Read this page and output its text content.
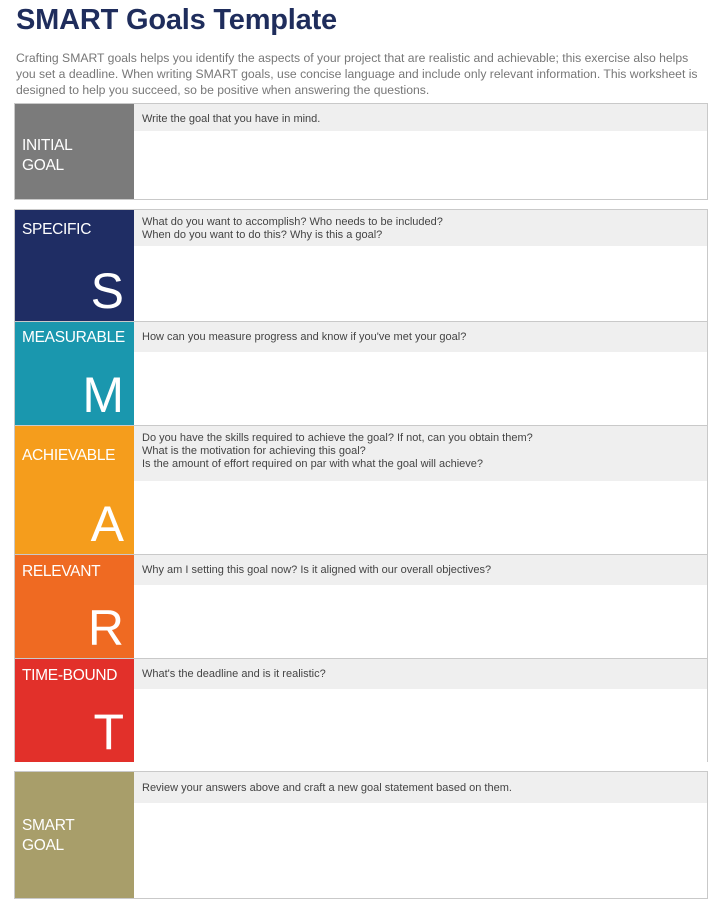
SMART Goals Template
Crafting SMART goals helps you identify the aspects of your project that are realistic and achievable; this exercise also helps you set a deadline. When writing SMART goals, use concise language and include only relevant information. This worksheet is designed to help you succeed, so be positive when answering the questions.
INITIAL
GOAL
Write the goal that you have in mind.
SPECIFIC
S
What do you want to accomplish? Who needs to be included?
When do you want to do this? Why is this a goal?
MEASURABLE
M
How can you measure progress and know if you've met your goal?
ACHIEVABLE
A
Do you have the skills required to achieve the goal? If not, can you obtain them?
What is the motivation for achieving this goal?
Is the amount of effort required on par with what the goal will achieve?
RELEVANT
R
Why am I setting this goal now? Is it aligned with our overall objectives?
TIME-BOUND
T
What's the deadline and is it realistic?
SMART
GOAL
Review your answers above and craft a new goal statement based on them.
